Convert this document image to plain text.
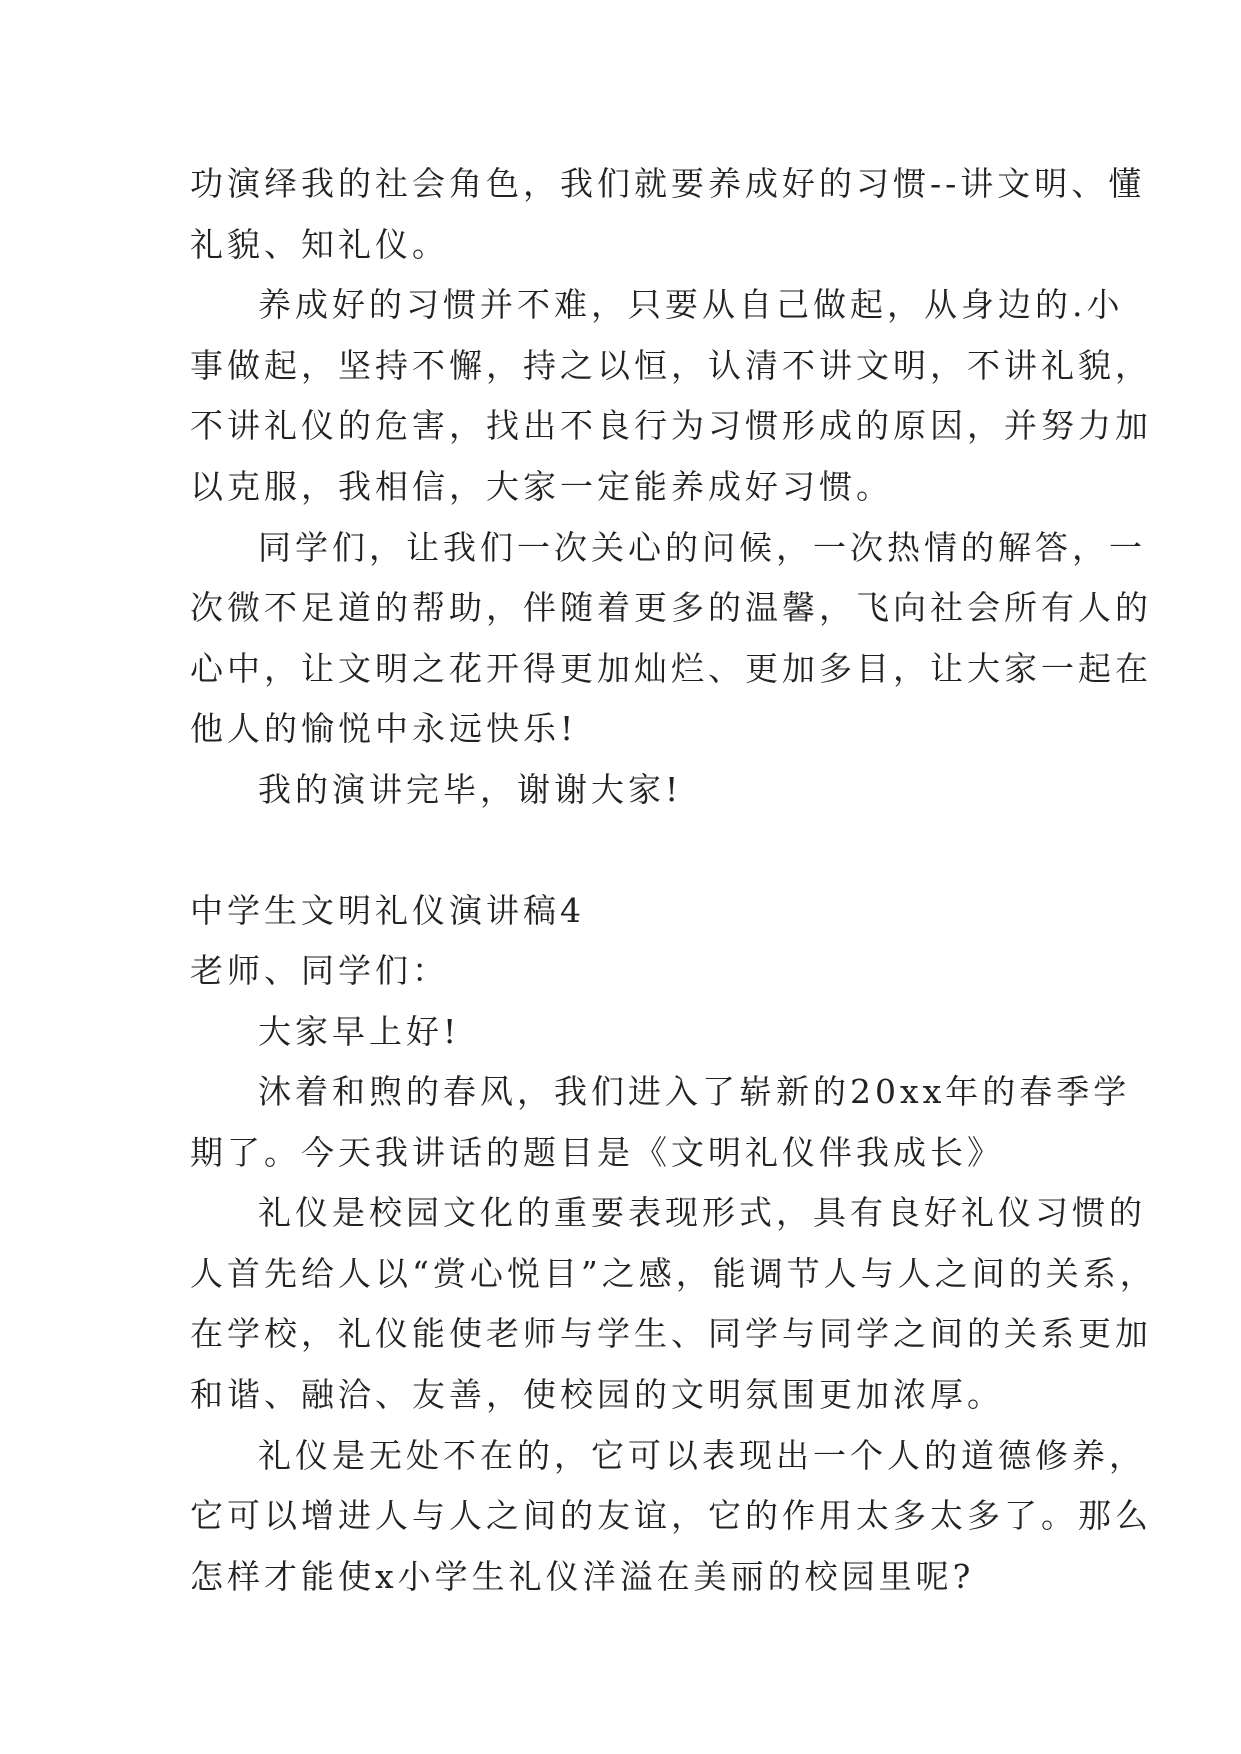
功演绎我的社会角色，我们就要养成好的习惯--讲文明、懂
礼貌、知礼仪。
养成好的习惯并不难，只要从自己做起，从身边的.小
事做起，坚持不懈，持之以恒，认清不讲文明，不讲礼貌，
不讲礼仪的危害，找出不良行为习惯形成的原因，并努力加
以克服，我相信，大家一定能养成好习惯。
同学们，让我们一次关心的问候，一次热情的解答，一
次微不足道的帮助，伴随着更多的温馨，飞向社会所有人的
心中，让文明之花开得更加灿烂、更加多目，让大家一起在
他人的愉悦中永远快乐!
我的演讲完毕，谢谢大家!
中学生文明礼仪演讲稿4
老师、同学们：
大家早上好!
沐着和煦的春风，我们进入了崭新的20xx年的春季学
期了。今天我讲话的题目是《文明礼仪伴我成长》
礼仪是校园文化的重要表现形式，具有良好礼仪习惯的
人首先给人以“赏心悦目”之感，能调节人与人之间的关系，
在学校，礼仪能使老师与学生、同学与同学之间的关系更加
和谐、融洽、友善，使校园的文明氛围更加浓厚。
礼仪是无处不在的，它可以表现出一个人的道德修养，
它可以增进人与人之间的友谊，它的作用太多太多了。那么
怎样才能使x小学生礼仪洋溢在美丽的校园里呢?
